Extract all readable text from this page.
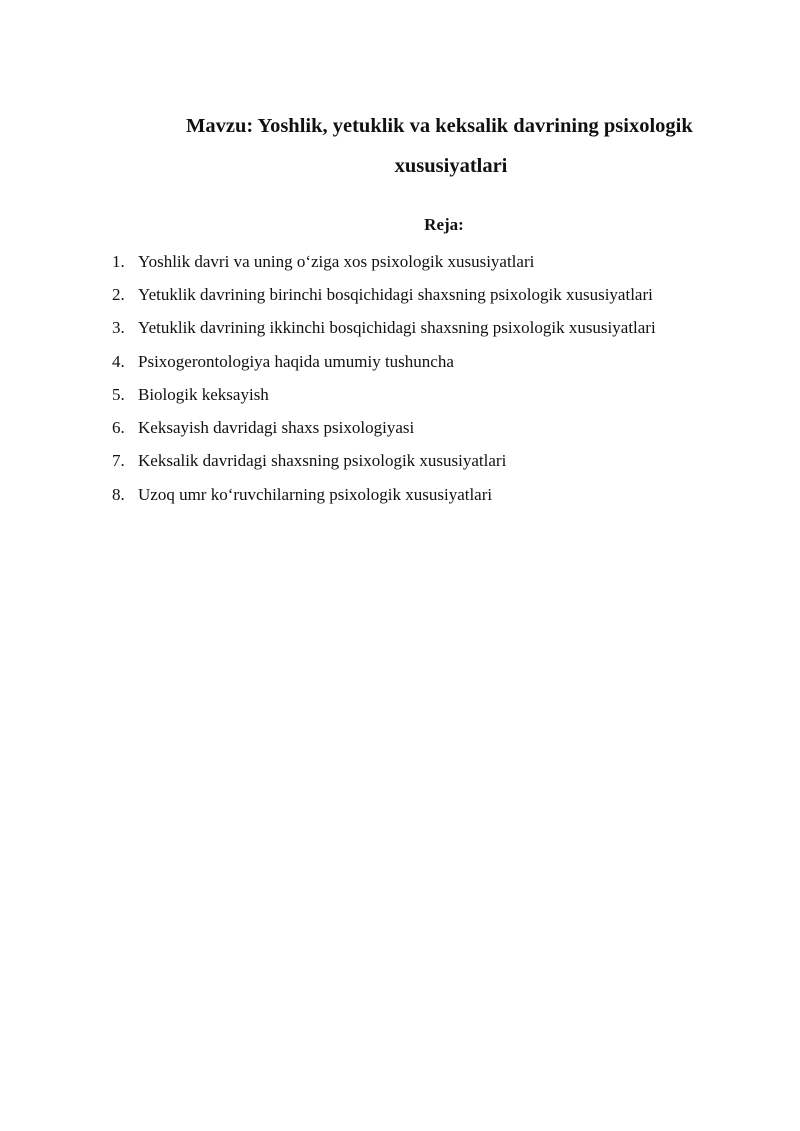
Mavzu: Yoshlik, yetuklik va keksalik davrining psixologik
xususiyatlari
Reja:
1. Yoshlik davri va uning o‘ziga xos psixologik xususiyatlari
2. Yetuklik davrining birinchi bosqichidagi shaxsning psixologik xususiyatlari
3. Yetuklik davrining ikkinchi bosqichidagi shaxsning psixologik xususiyatlari
4. Psixogerontologiya haqida umumiy tushuncha
5. Biologik keksayish
6. Keksayish davridagi shaxs psixologiyasi
7. Keksalik davridagi shaxsning psixologik xususiyatlari
8. Uzoq umr ko‘ruvchilarning psixologik xususiyatlari
